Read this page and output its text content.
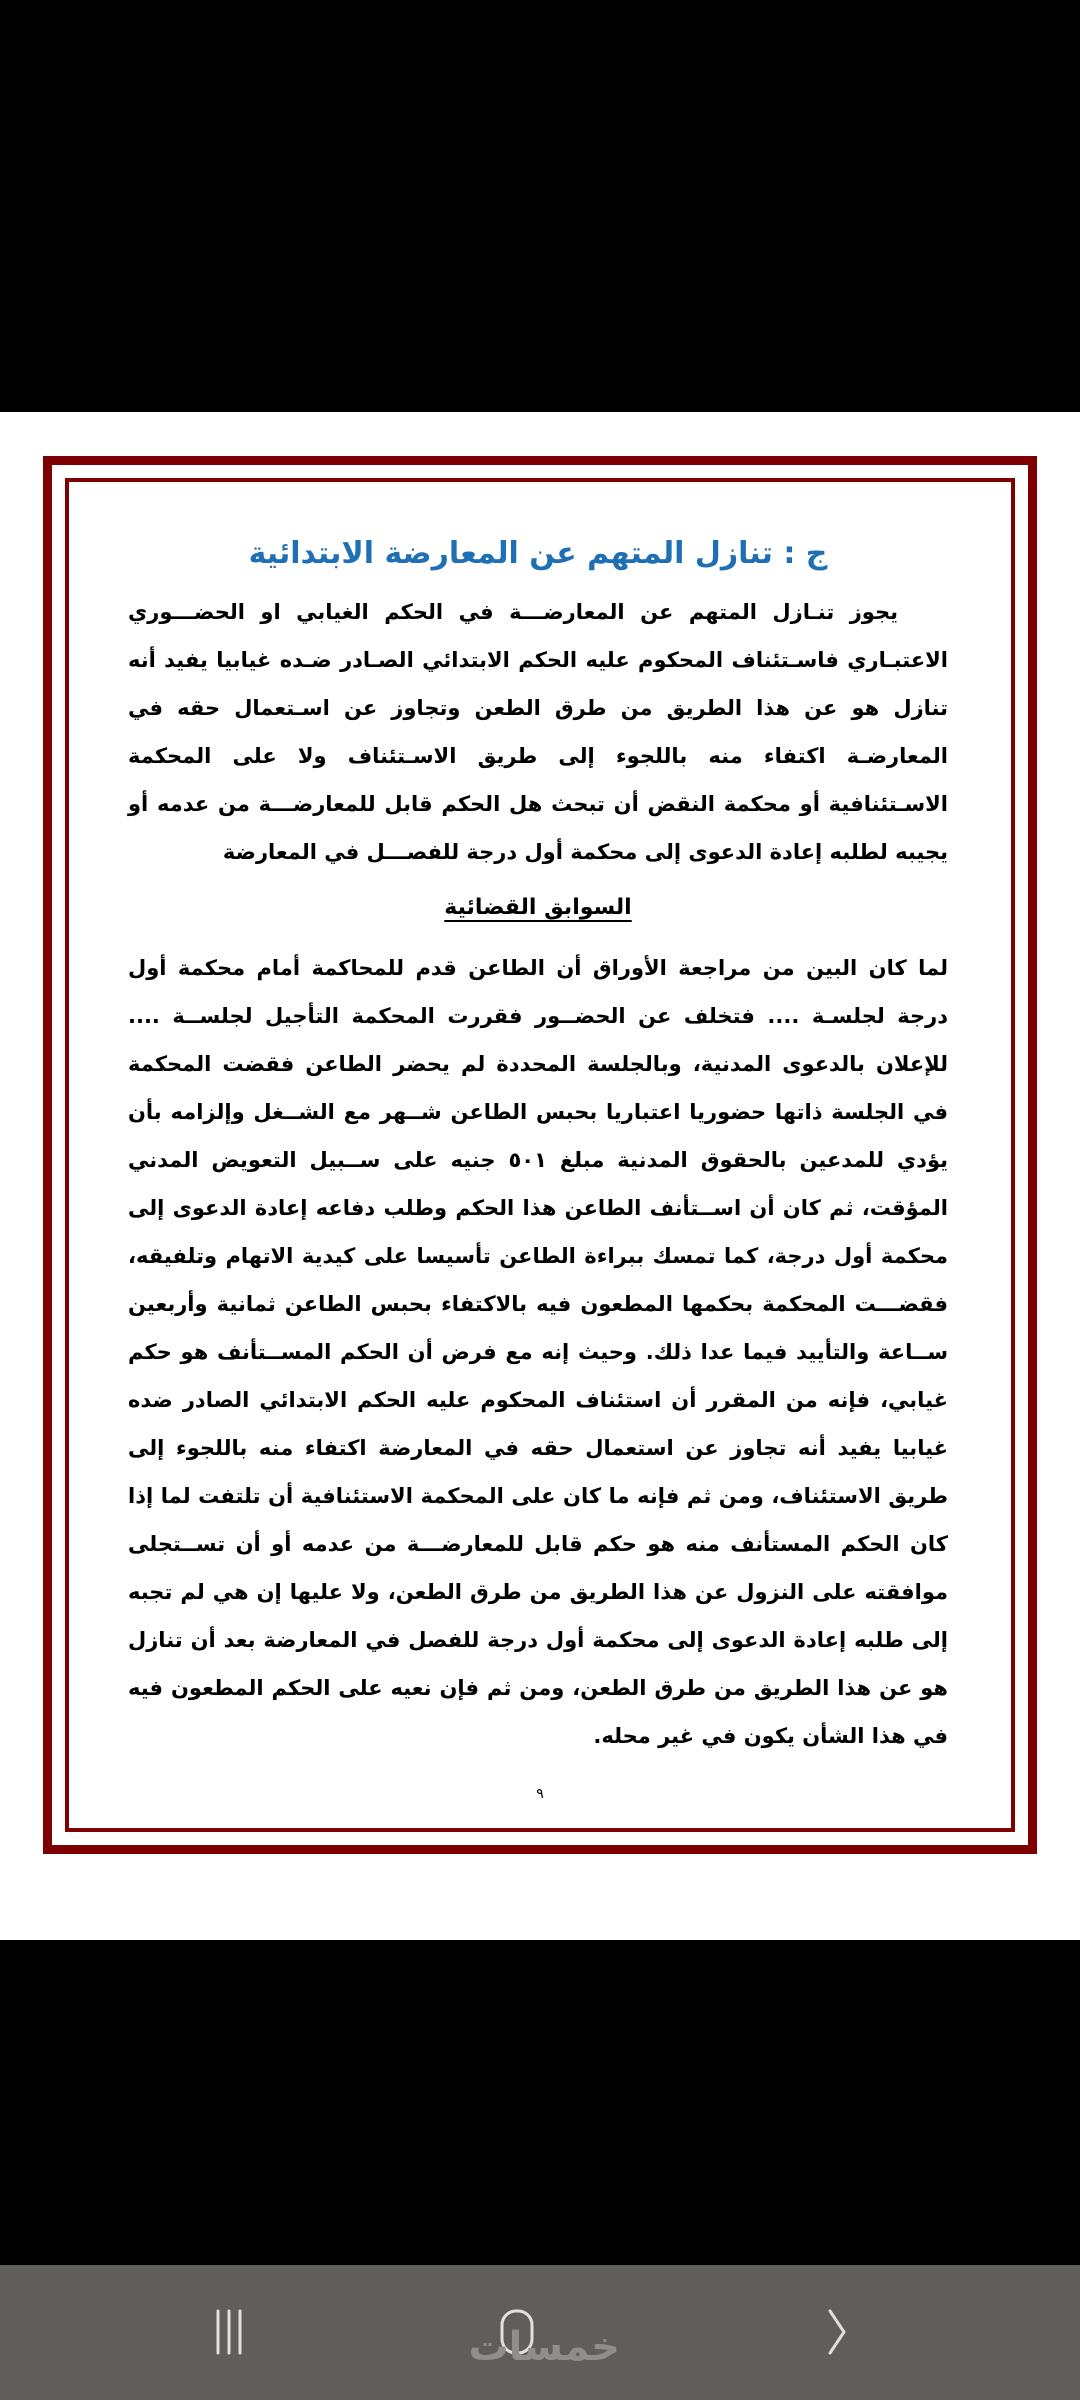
ج : تنازل المتهم عن المعارضة الابتدائية

يجوز تنـازل المتهم عن المعارضـــة في الحكم الغيابي او الحضـــوري الاعتبـاري فاسـتئناف المحكوم عليه الحكم الابتدائي الصـادر ضـده غيابيا يفيد أنه تنازل هو عن هذا الطريق من طرق الطعن وتجاوز عن اسـتعمال حقه في المعارضـة اكتفاء منه باللجوء إلى طريق الاسـتئناف ولا على المحكمة الاسـتئنافية أو محكمة النقض أن تبحث هل الحكم قابل للمعارضـــة من عدمه أو يجيبه لطلبه إعادة الدعوى إلى محكمة أول درجة للفصـــل في المعارضة

السوابق القضائية

لما كان البين من مراجعة الأوراق أن الطاعن قدم للمحاكمة أمام محكمة أول درجة لجلسـة .... فتخلف عن الحضــور فقررت المحكمة التأجيل لجلســة .... للإعلان بالدعوى المدنية، وبالجلسة المحددة لم يحضر الطاعن فقضت المحكمة في الجلسة ذاتها حضوريا اعتباريا بحبس الطاعن شــهر مع الشــغل وإلزامه بأن يؤدي للمدعين بالحقوق المدنية مبلغ ٥٠١ جنيه على ســبيل التعويض المدني المؤقت، ثم كان أن اســتأنف الطاعن هذا الحكم وطلب دفاعه إعادة الدعوى إلى محكمة أول درجة، كما تمسك ببراءة الطاعن تأسيسا على كيدية الاتهام وتلفيقه، فقضـــت المحكمة بحكمها المطعون فيه بالاكتفاء بحبس الطاعن ثمانية وأربعين ســاعة والتأييد فيما عدا ذلك. وحيث إنه مع فرض أن الحكم المســتأنف هو حكم غيابي، فإنه من المقرر أن استئناف المحكوم عليه الحكم الابتدائي الصادر ضده غيابيا يفيد أنه تجاوز عن استعمال حقه في المعارضة اكتفاء منه باللجوء إلى طريق الاستئناف، ومن ثم فإنه ما كان على المحكمة الاستئنافية أن تلتفت لما إذا كان الحكم المستأنف منه هو حكم قابل للمعارضـــة من عدمه أو أن تســتجلى موافقته على النزول عن هذا الطريق من طرق الطعن، ولا عليها إن هي لم تجبه إلى طلبه إعادة الدعوى إلى محكمة أول درجة للفصل في المعارضة بعد أن تنازل هو عن هذا الطريق من طرق الطعن، ومن ثم فإن نعيه على الحكم المطعون فيه في هذا الشأن يكون في غير محله.

٩
خمسات
